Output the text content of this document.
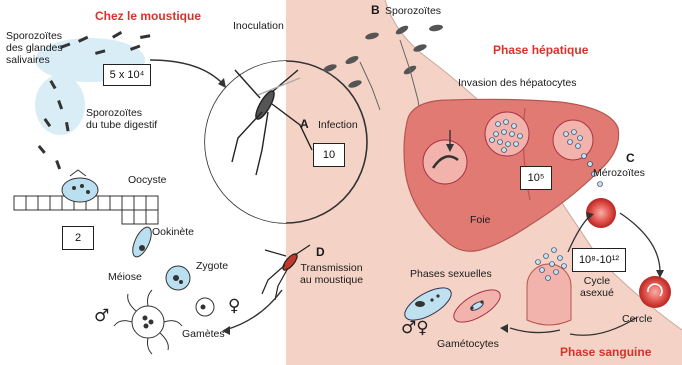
Chez le moustique
Phase hépatique
Phase sanguine
A
B
C
D
Sporozoïtes
des glandes
salivaires
Sporozoïtes
du tube digestif
Oocyste
Ookinète
Méiose
Zygote
Gamètes
Inoculation
Infection
Sporozoïtes
Invasion des hépatocytes
Foie
Mérozoïtes
Cycle
asexué
Cercle
Phases sexuelles
Gamétocytes
Transmission
au moustique
5 x 10⁴
10
2
10⁵
10⁸-10¹²
♂	♀
♂♀
